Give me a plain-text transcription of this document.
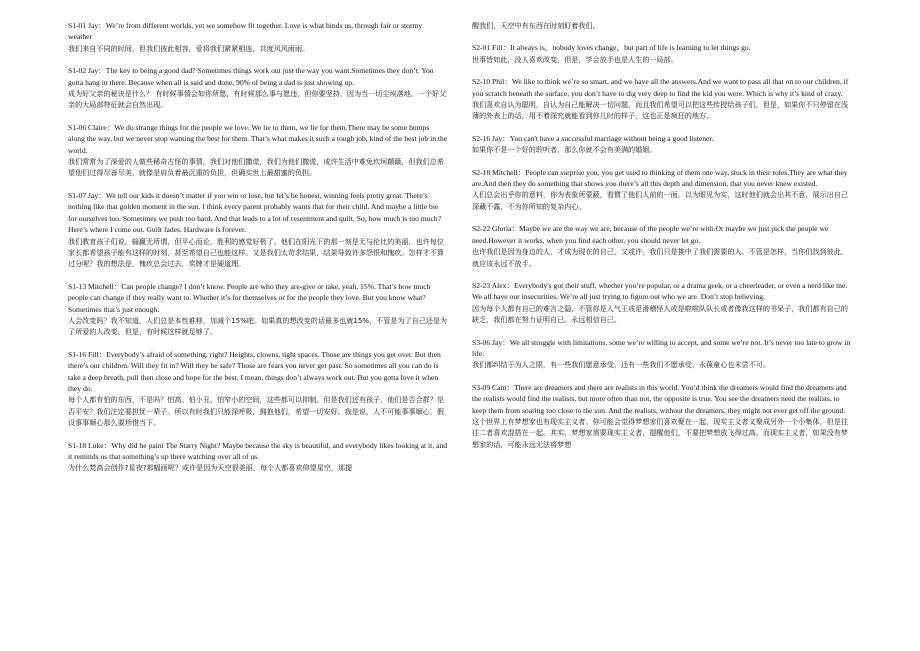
S1-01 Jay：We’re from different worlds, yet we somehow fit together. Love is what binds us, through fair or stormy weather

我们来自不同的时间，但我们彼此相容，爱将我们紧紧相连，共度风风雨雨。

S1-02 Jay：The key to being a good dad? Sometimes things work out just the way you want.Sometimes they don’t. You gotta hang in there. Because when all is said and done, 90% of being a dad is just showing up.

成为好父亲的秘诀是什么？ 有时候事情会如你所愿，有时候那么事与愿违，但你要坚持，因为当一切尘埃落地，一个好父亲的大局部特征就会自然出现。

S1-06 Claire：We do strange things for the people we love. We lie to them, we lie for them.There may be some bumps along the way, but we never stop wanting the best for them. That’s what makes it such a tough job, kind of the best job in the world.

我们常常为了深爱的人做些稀奇古怪的事情，我们对他们撒谎，我们为他们撒谎，或许生活中难免坎坷颠簸，但我们总希望他们过得尽善尽美，就像是肩负着最沉重的负担，但确实世上最甜蜜的负担。

S1-07 Jay：We tell our kids it doesn’t matter if you win or lose, but let’s be honest, winning feels pretty great. There’s nothing like that golden moment in the sun. I think every parent probably wants that for their child. And maybe a little bie for ourselves too. Sometimes we push too hard. And that leads to a lot of resentment and quilt. So, how much is too much? Here’s where I come out. Guilt fades. Hardware is forever.

我们教育孩子们说，输赢无所谓，但平心而论，胜利的感觉好极了。他们在阳光下的那一刻是无与伦比的美丽，也许每位家长都希望孩子能有这样的时刻，甚至希望自己也能这样。又是我们太苛求结果，结果导致许多怨恨和愧疚。怎样才不算过分呢？我的想法是，愧疚总会过去，奖牌才是硬道理。

S1-13 Mitchell：Can people change? I don’t know. People are who they are-give or take, yeah, 15%. That’s how much people can change if they really want to. Whether it’s for themselves or for the people they love. But you know what? Sometimes that’s just enough.

人会改变吗？我不知道。人们总是本性难移，加减个15%吧。如果真的想改变的话最多也就15%，不管是为了自己还是为了所爱的人改变。但是，有时候这样就足够了。

S1-16 Fill：Everybody’s afraid of something, right? Heights, clowns, tight spaces. Those are things you get over. But then there’s our children. Will they fit in? Will they be safe? Those are fears you never get past. So sometimes all you can do is take a deep breath, pull then close and hope for the best. I mean, things don’t always work out. But you gotta love it when they do.

每个人都有怕的东西，不是吗？怕高、怕小丑、怕窄小的空间，这些都可以抑制。但是我们还有孩子，他们是否合群？是否平安？我们注定要担忧一辈子。所以有时我们只能深呼吸，拥抱他们，希望一切安好。我是说，人不可能事事顺心，假设事事顺心那么要珍惜当下。

S1-18 Luke：Why did he paint The Starry Night? Maybe because the sky is beautiful, and everybody likes looking at it, and it reminds us that something’s up there watching over all of us.

为什么梵高会创作?星夜?那幅画呢？或许是因为天空很美丽，每个人都喜欢仰望星空，那提

醒我们，天空中有东西在时刻盯着我们。

S2-01 Fill：It always is，nobody loves change，but part of life is learning to let things go.

世事皆如此，没人喜欢改变，但是，学会放手也是人生的一局部。

S2-10 Phil：We like to think we’re so smart, and we have all the answers.And we want to pass all that on to our children, if you scratch beneath the surface, you don’t have to dig very deep to find the kid you were. Which is why it’s kind of crazy.

我们喜欢自认为聪明，自认为自己能解决一切问题，而且我们希望可以把这些传授给孩子们，但是，如果你不只停留在浅薄的外表上的话，用不着深究就能看到你儿时的样子，这也正是疯狂的地方。

S2-16 Jay：You can't have a successful marriage without being a good listener.

如果你不是一个好的聆听者，那么你就不会有美满的婚姻。

S2-18 Mitchell：People can surprise you, you get used to thinking of them one way, stuck in their roles.They are what they are.And then they do something that shows you there’s all this depth and dimension, that you never knew existed.

人们总会出乎你的意料，你为表象所蒙蔽，看惯了他们人前的一面，以为眼见为实，这时他们就会出其不意，展示出自己深藏不露，不为你所知的复杂内心。

S2-22 Gloria：Maybe we are the way we are, because of the people we’re with.Or maybe we just pick the people we need.However it works, when you find each other, you should never let go.

也许我们是因为身边的人，才成为现在的自己，又或许，我们只是挑中了我们需要的人。不管是怎样，当你们找到彼此，就应该永远不放手。

S2-23 Alex：Everybody's got their stuff, whether you’re popular, or a drama geek, or a cheerleader, or even a nerd like me. We all have our insecurities. We’re all just trying to figure out who we are. Don’t stop believing.

因为每个人都有自己的难言之隐，不管你是人气王或是滑稽怪人或是啦啦队队长或者像我这样的书呆子，我们都有自己的缺乏，我们都在努力证明自己。永远相信自己。

S3-06 Jay：We all struggle with limitations, some we’re willing to accept, and some we’re not. It’s never too late to grow in life.

我们都纠结于为人之限，有一些我们愿意承受，还有一些我们不愿承受，永葆童心也未尝不可。

S3-09 Cam：There are dreamers and there are realists in this world. You’d think the dreamers would find the dreamers and the realists would find the realists, but more often than not, the opposite is true. You see the dreamers need the realists, to keep them from soaring too close to the sun. And the realists, without the dreamers, they might not ever get off the ground.

这个世界上有梦想家也有现实主义者。你可能会觉得梦想家们喜欢聚在一起，现实主义者又聚成另外一个小集体，但是往往二者喜欢混搭在一起。其实，梦想家需要现实主义者，提醒他们，不要把梦想放飞得过高。而现实主义者，如果没有梦想家的话，可能永远无法将梦想
